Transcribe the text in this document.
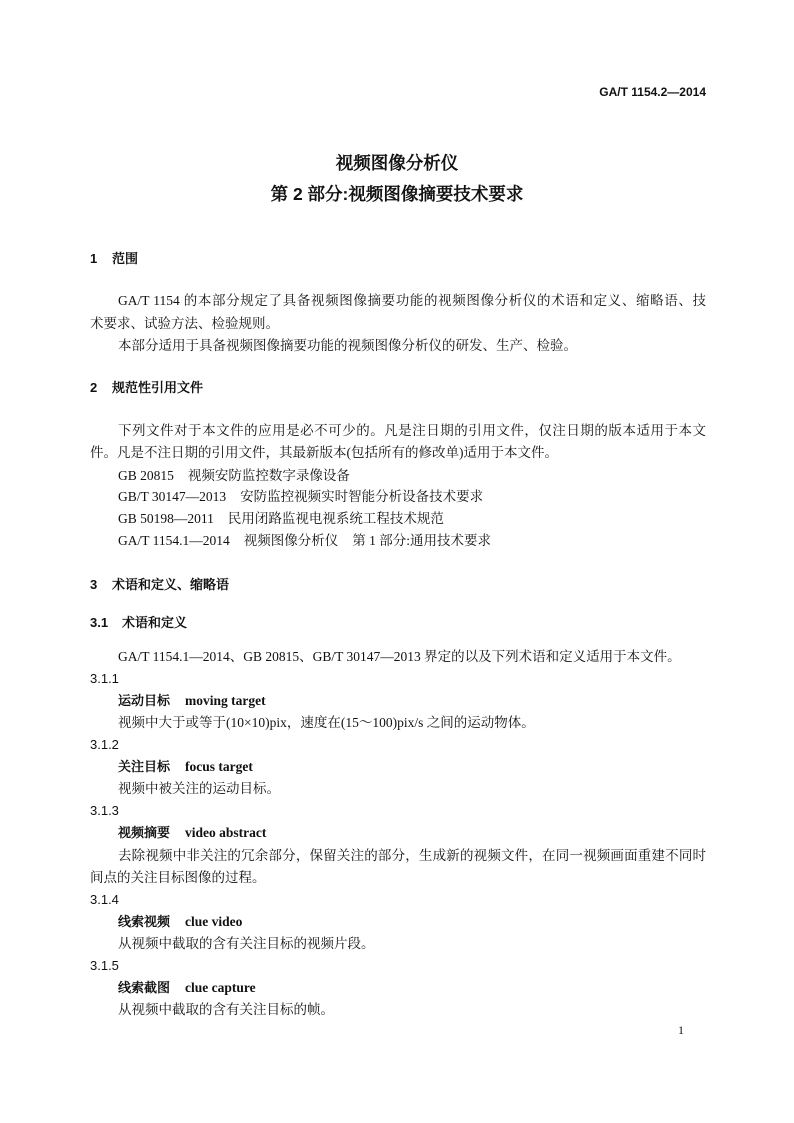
GA/T 1154.2—2014
视频图像分析仪
第 2 部分:视频图像摘要技术要求
1 范围
GA/T 1154 的本部分规定了具备视频图像摘要功能的视频图像分析仪的术语和定义、缩略语、技
术要求、试验方法、检验规则。
本部分适用于具备视频图像摘要功能的视频图像分析仪的研发、生产、检验。
2 规范性引用文件
下列文件对于本文件的应用是必不可少的。凡是注日期的引用文件，仅注日期的版本适用于本文
件。凡是不注日期的引用文件，其最新版本(包括所有的修改单)适用于本文件。
GB 20815 视频安防监控数字录像设备
GB/T 30147—2013 安防监控视频实时智能分析设备技术要求
GB 50198—2011 民用闭路监视电视系统工程技术规范
GA/T 1154.1—2014 视频图像分析仪 第 1 部分:通用技术要求
3 术语和定义、缩略语
3.1 术语和定义
GA/T 1154.1—2014、GB 20815、GB/T 30147—2013 界定的以及下列术语和定义适用于本文件。
3.1.1
运动目标 moving target
视频中大于或等于(10×10)pix，速度在(15～100)pix/s 之间的运动物体。
3.1.2
关注目标 focus target
视频中被关注的运动目标。
3.1.3
视频摘要 video abstract
去除视频中非关注的冗余部分，保留关注的部分，生成新的视频文件，在同一视频画面重建不同时
间点的关注目标图像的过程。
3.1.4
线索视频 clue video
从视频中截取的含有关注目标的视频片段。
3.1.5
线索截图 clue capture
从视频中截取的含有关注目标的帧。
1
